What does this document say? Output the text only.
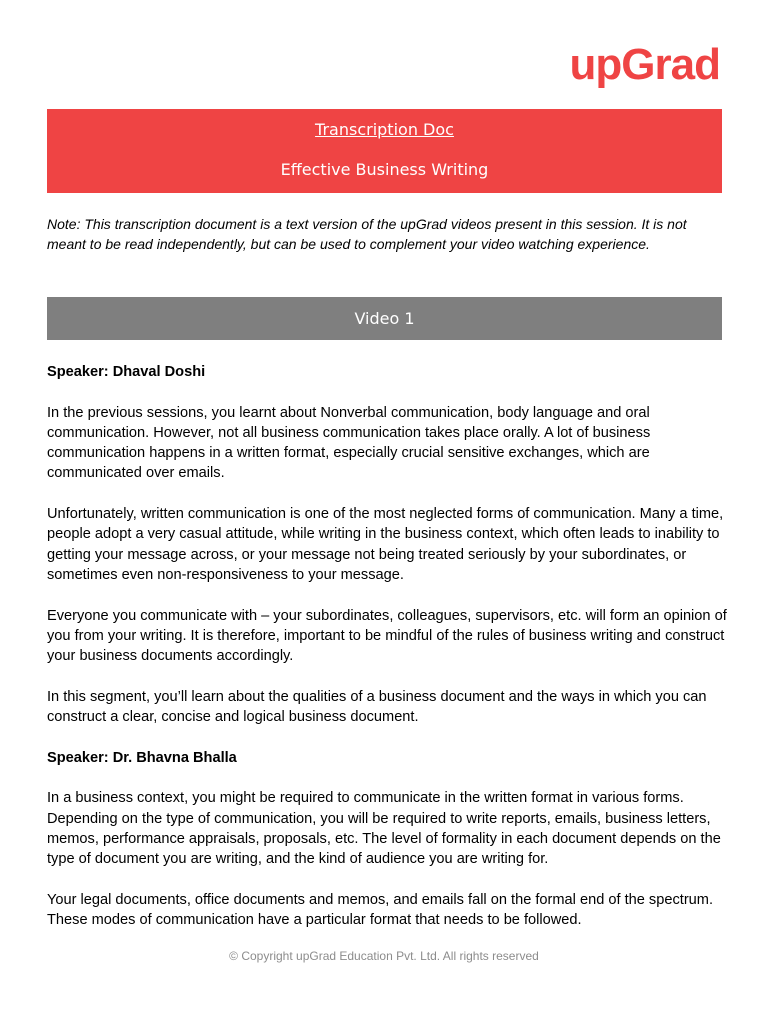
upGrad
Transcription Doc
Effective Business Writing
Note: This transcription document is a text version of the upGrad videos present in this session. It is not meant to be read independently, but can be used to complement your video watching experience.
Video 1
Speaker: Dhaval Doshi

In the previous sessions, you learnt about Nonverbal communication, body language and oral communication. However, not all business communication takes place orally. A lot of business communication happens in a written format, especially crucial sensitive exchanges, which are communicated over emails.

Unfortunately, written communication is one of the most neglected forms of communication. Many a time, people adopt a very casual attitude, while writing in the business context, which often leads to inability to getting your message across, or your message not being treated seriously by your subordinates, or sometimes even non-responsiveness to your message.

Everyone you communicate with – your subordinates, colleagues, supervisors, etc. will form an opinion of you from your writing. It is therefore, important to be mindful of the rules of business writing and construct your business documents accordingly.

In this segment, you’ll learn about the qualities of a business document and the ways in which you can construct a clear, concise and logical business document.

Speaker: Dr. Bhavna Bhalla

In a business context, you might be required to communicate in the written format in various forms. Depending on the type of communication, you will be required to write reports, emails, business letters, memos, performance appraisals, proposals, etc. The level of formality in each document depends on the type of document you are writing, and the kind of audience you are writing for.

Your legal documents, office documents and memos, and emails fall on the formal end of the spectrum. These modes of communication have a particular format that needs to be followed.

© Copyright upGrad Education Pvt. Ltd. All rights reserved
